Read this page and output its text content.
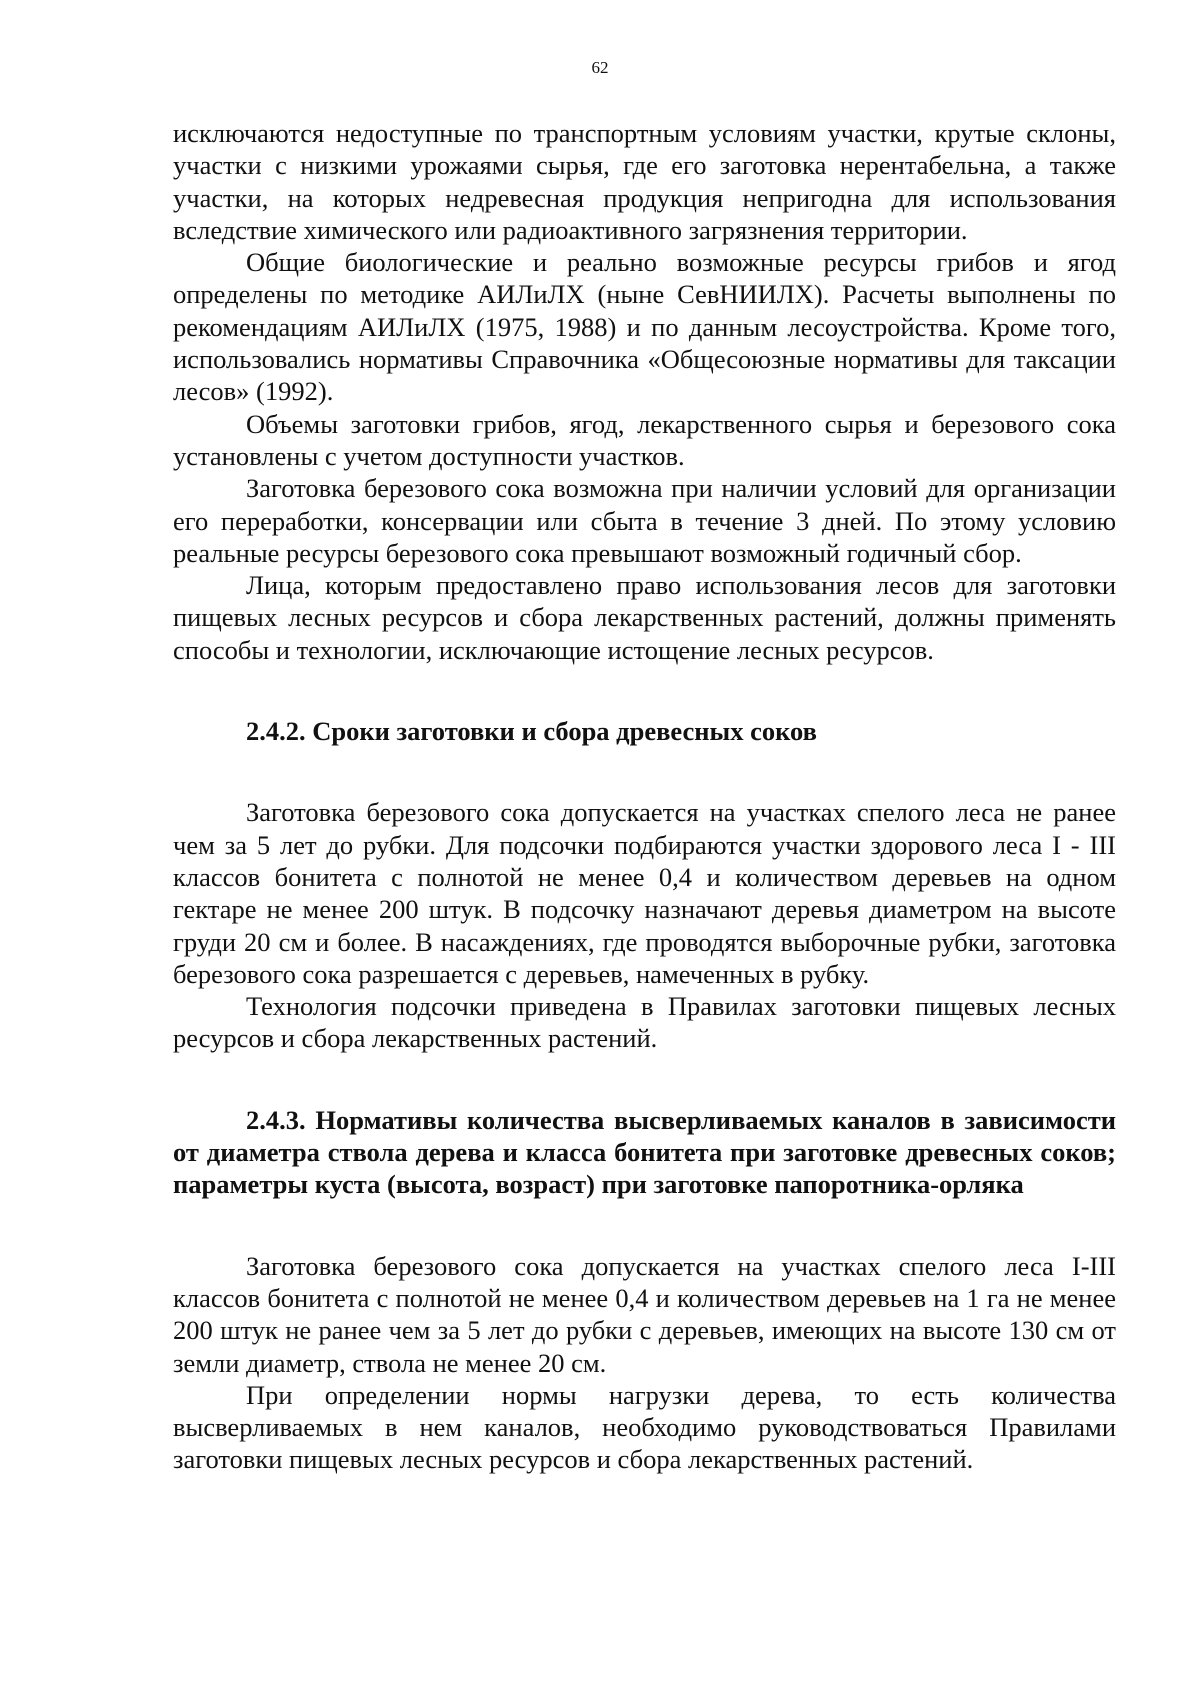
62

исключаются недоступные по транспортным условиям участки, крутые склоны, участки с низкими урожаями сырья, где его заготовка нерентабельна, а также участки, на которых недревесная продукция непригодна для использования вследствие химического или радиоактивного загрязнения территории.

Общие биологические и реально возможные ресурсы грибов и ягод определены по методике АИЛиЛХ (ныне СевНИИЛХ). Расчеты выполнены по рекомендациям АИЛиЛХ (1975, 1988) и по данным лесоустройства. Кроме того, использовались нормативы Справочника «Общесоюзные нормативы для таксации лесов» (1992).

Объемы заготовки грибов, ягод, лекарственного сырья и березового сока установлены с учетом доступности участков.

Заготовка березового сока возможна при наличии условий для организации его переработки, консервации или сбыта в течение 3 дней. По этому условию реальные ресурсы березового сока превышают возможный годичный сбор.

Лица, которым предоставлено право использования лесов для заготовки пищевых лесных ресурсов и сбора лекарственных растений, должны применять способы и технологии, исключающие истощение лесных ресурсов.

2.4.2. Сроки заготовки и сбора древесных соков

Заготовка березового сока допускается на участках спелого леса не ранее чем за 5 лет до рубки. Для подсочки подбираются участки здорового леса I - III классов бонитета с полнотой не менее 0,4 и количеством деревьев на одном гектаре не менее 200 штук. В подсочку назначают деревья диаметром на высоте груди 20 см и более. В насаждениях, где проводятся выборочные рубки, заготовка березового сока разрешается с деревьев, намеченных в рубку.

Технология подсочки приведена в Правилах заготовки пищевых лесных ресурсов и сбора лекарственных растений.

2.4.3. Нормативы количества высверливаемых каналов в зависимости от диаметра ствола дерева и класса бонитета при заготовке древесных соков; параметры куста (высота, возраст) при заготовке папоротника-орляка

Заготовка березового сока допускается на участках спелого леса I-III классов бонитета с полнотой не менее 0,4 и количеством деревьев на 1 га не менее 200 штук не ранее чем за 5 лет до рубки с деревьев, имеющих на высоте 130 см от земли диаметр, ствола не менее 20 см.

При определении нормы нагрузки дерева, то есть количества высверливаемых в нем каналов, необходимо руководствоваться Правилами заготовки пищевых лесных ресурсов и сбора лекарственных растений.
